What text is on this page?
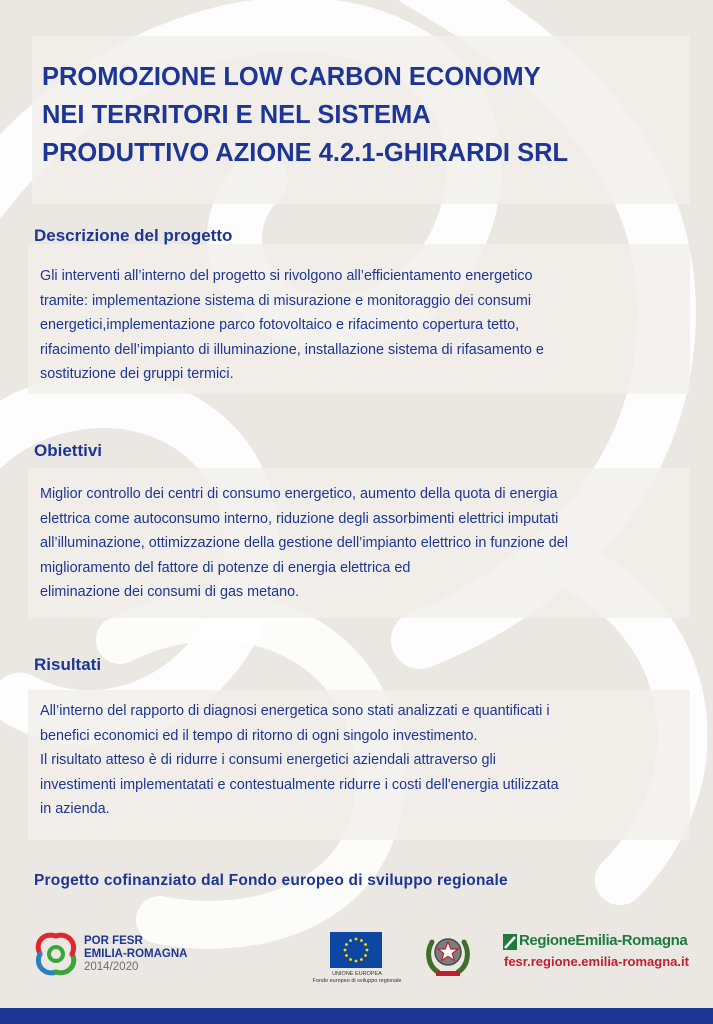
PROMOZIONE LOW CARBON ECONOMY
NEI TERRITORI E NEL SISTEMA
PRODUTTIVO AZIONE 4.2.1-GHIRARDI SRL
Descrizione del progetto
Gli interventi all’interno del progetto si rivolgono all’efficientamento energetico
tramite: implementazione sistema di misurazione e monitoraggio dei consumi
energetici,implementazione parco fotovoltaico e rifacimento copertura tetto,
rifacimento dell’impianto di illuminazione, installazione sistema di rifasamento e
sostituzione dei gruppi termici.
Obiettivi
Miglior controllo dei centri di consumo energetico, aumento della quota di energia
elettrica come autoconsumo interno, riduzione degli assorbimenti elettrici imputati
all’illuminazione, ottimizzazione della gestione dell’impianto elettrico in funzione del
miglioramento del fattore di potenze di energia elettrica ed
eliminazione dei consumi di gas metano.
Risultati
All’interno del rapporto di diagnosi energetica sono stati analizzati e quantificati i
benefici economici ed il tempo di ritorno di ogni singolo investimento.
Il risultato atteso è di ridurre i consumi energetici aziendali attraverso gli
investimenti implementatati e contestualmente ridurre i costi dell'energia utilizzata
in azienda.

Progetto cofinanziato dal Fondo europeo di sviluppo regionale

POR FESR
EMILIA-ROMAGNA
2014/2020
UNIONE EUROPEA
Fondo europeo di sviluppo regionale
RegioneEmilia-Romagna
fesr.regione.emilia-romagna.it
